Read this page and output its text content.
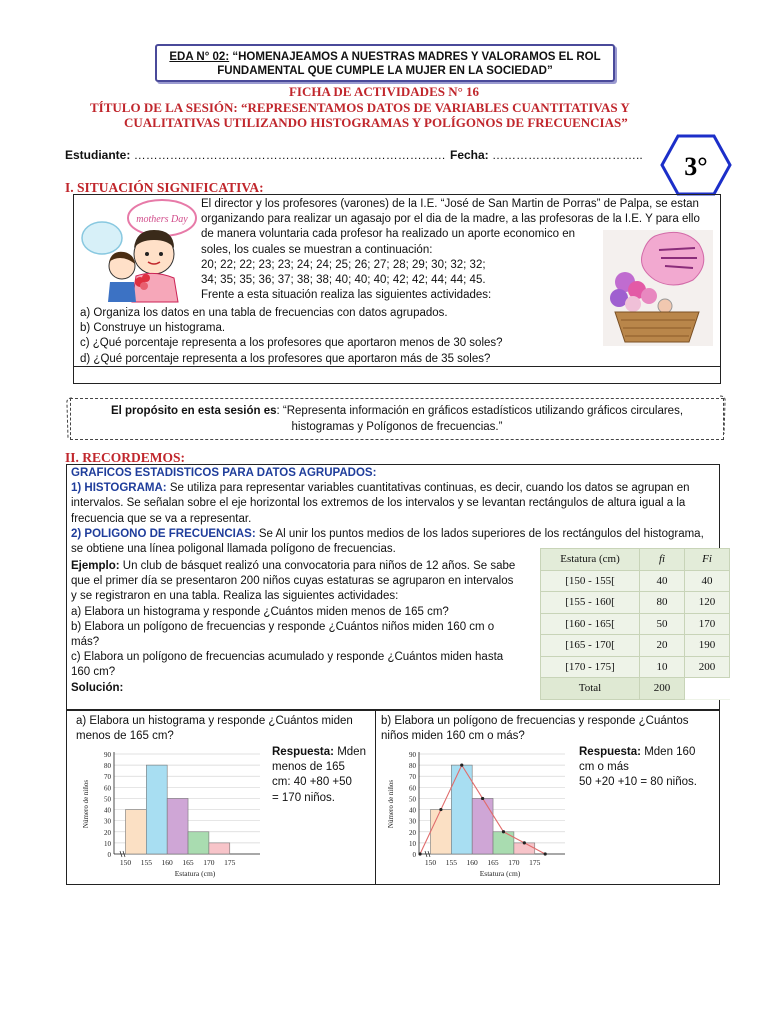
EDA N° 02: “HOMENAJEAMOS A NUESTRAS MADRES Y VALORAMOS EL ROL FUNDAMENTAL QUE CUMPLE LA MUJER EN LA SOCIEDAD”
FICHA DE ACTIVIDADES N° 16
TÍTULO DE LA SESIÓN: “REPRESENTAMOS DATOS DE VARIABLES CUANTITATIVAS Y
CUALITATIVAS UTILIZANDO HISTOGRAMAS Y POLÍGONOS DE FRECUENCIAS”
Estudiante: …………………………………………………………………… Fecha: ……………………………….. 3°
I. SITUACIÓN SIGNIFICATIVA:
mothers Day
El director y los profesores (varones) de la I.E. “José de San Martin de Porras” de Palpa, se estan
organizando para realizar un agasajo por el dia de la madre, a las profesoras de la I.E. Y para ello
de manera voluntaria cada profesor ha realizado un aporte economico en
soles, los cuales se muestran a continuación:
20; 22; 22; 23; 23; 24; 24; 25; 26; 27; 28; 29; 30; 32; 32;
34; 35; 35; 36; 37; 38; 38; 40; 40; 40; 42; 42; 44; 44; 45.
Frente a esta situación realiza las siguientes actividades:
a) Organiza los datos en una tabla de frecuencias con datos agrupados.
b) Construye un histograma.
c) ¿Qué porcentaje representa a los profesores que aportaron menos de 30 soles?
d) ¿Qué porcentaje representa a los profesores que aportaron más de 35 soles?
El propósito en esta sesión es: “Representa información en gráficos estadísticos utilizando gráficos circulares,
histogramas y Polígonos de frecuencias.”
II. RECORDEMOS:
GRAFICOS ESTADISTICOS PARA DATOS AGRUPADOS:
1) HISTOGRAMA: Se utiliza para representar variables cuantitativas continuas, es decir, cuando los datos se agrupan en
intervalos. Se señalan sobre el eje horizontal los extremos de los intervalos y se levantan rectángulos de altura igual a la
frecuencia que se va a representar.
2) POLIGONO DE FRECUENCIAS: Se Al unir los puntos medios de los lados superiores de los rectángulos del histograma,
se obtiene una línea poligonal llamada polígono de frecuencias.
Ejemplo: Un club de básquet realizó una convocatoria para niños de 12 años. Se sabe
que el primer día se presentaron 200 niños cuyas estaturas se agruparon en intervalos
y se registraron en una tabla. Realiza las siguientes actividades:
a) Elabora un histograma y responde ¿Cuántos miden menos de 165 cm?
b) Elabora un polígono de frecuencias y responde ¿Cuántos niños miden 160 cm o
más?
c) Elabora un polígono de frecuencias acumulado y responde ¿Cuántos miden hasta
160 cm?
Solución:
Estatura (cm)	fi	Fi
[150 - 155[	40	40
[155 - 160[	80	120
[160 - 165[	50	170
[165 - 170[	20	190
[170 - 175]	10	200
Total	200	
a) Elabora un histograma y responde ¿Cuántos miden menos de 165 cm?
b) Elabora un polígono de frecuencias y responde ¿Cuántos niños miden 160 cm o más?
Respuesta: Mden
menos de 165
cm: 40 +80 +50
= 170 niños.
Respuesta: Mden 160
cm o más
50 +20 +10 = 80 niños.
0
10
20
30
40
50
60
70
80
90
150 155 160 165 170 175
Estatura (cm)
Número de niños
0
10
20
30
40
50
60
70
80
90
150 155 160 165 170 175
Estatura (cm)
Número de niños
